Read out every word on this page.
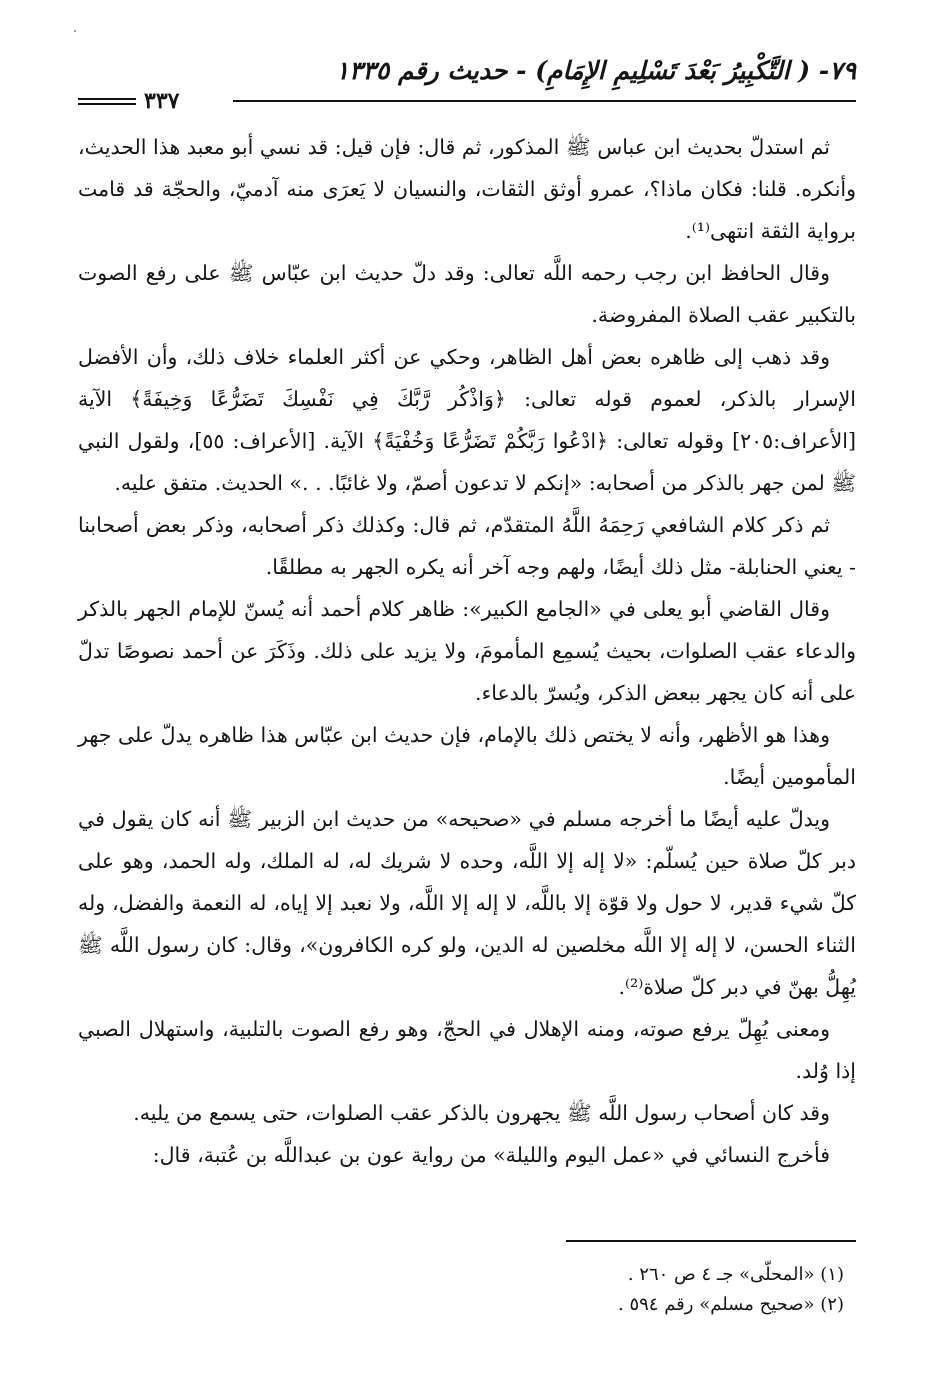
٧٩- ( التَّكْبِيرُ بَعْدَ تَسْلِيمِ الإِمَامِ) - حديث رقم ١٣٣٥
٣٣٧

ثم استدلّ بحديث ابن عباس ﷺ المذكور، ثم قال: فإن قيل: قد نسي أبو معبد هذا الحديث، وأنكره. قلنا: فكان ماذا؟، عمرو أوثق الثقات، والنسيان لا يَعرَى منه آدميّ، والحجّة قد قامت برواية الثقة انتهى⁽¹⁾.

وقال الحافظ ابن رجب رحمه اللَّه تعالى: وقد دلّ حديث ابن عبّاس ﷺ على رفع الصوت بالتكبير عقب الصلاة المفروضة.

وقد ذهب إلى ظاهره بعض أهل الظاهر، وحكي عن أكثر العلماء خلاف ذلك، وأن الأفضل الإسرار بالذكر، لعموم قوله تعالى: ﴿وَاذْكُر رَّبَّكَ فِي نَفْسِكَ تَضَرُّعًا وَخِيفَةً﴾ الآية [الأعراف:٢٠٥] وقوله تعالى: ﴿ادْعُوا رَبَّكُمْ تَضَرُّعًا وَخُفْيَةً﴾ الآية. [الأعراف: ٥٥]، ولقول النبي ﷺ لمن جهر بالذكر من أصحابه: «إنكم لا تدعون أصمّ، ولا غائبًا. . .» الحديث. متفق عليه.

ثم ذكر كلام الشافعي رَحِمَهُ اللَّهُ المتقدّم، ثم قال: وكذلك ذكر أصحابه، وذكر بعض أصحابنا - يعني الحنابلة- مثل ذلك أيضًا، ولهم وجه آخر أنه يكره الجهر به مطلقًا.

وقال القاضي أبو يعلى في «الجامع الكبير»: ظاهر كلام أحمد أنه يُسنّ للإمام الجهر بالذكر والدعاء عقب الصلوات، بحيث يُسمِع المأمومَ، ولا يزيد على ذلك. وذَكَرَ عن أحمد نصوصًا تدلّ على أنه كان يجهر ببعض الذكر، ويُسرّ بالدعاء.

وهذا هو الأظهر، وأنه لا يختص ذلك بالإمام، فإن حديث ابن عبّاس هذا ظاهره يدلّ على جهر المأمومين أيضًا.

ويدلّ عليه أيضًا ما أخرجه مسلم في «صحيحه» من حديث ابن الزبير ﷺ أنه كان يقول في دبر كلّ صلاة حين يُسلّم: «لا إله إلا اللَّه، وحده لا شريك له، له الملك، وله الحمد، وهو على كلّ شيء قدير، لا حول ولا قوّة إلا باللَّه، لا إله إلا اللَّه، ولا نعبد إلا إياه، له النعمة والفضل، وله الثناء الحسن، لا إله إلا اللَّه مخلصين له الدين، ولو كره الكافرون»، وقال: كان رسول اللَّه ﷺ يُهِلُّ بهنّ في دبر كلّ صلاة⁽²⁾.

ومعنى يُهِلّ يرفع صوته، ومنه الإهلال في الحجّ، وهو رفع الصوت بالتلبية، واستهلال الصبي إذا وُلد.

وقد كان أصحاب رسول اللَّه ﷺ يجهرون بالذكر عقب الصلوات، حتى يسمع من يليه.

فأخرج النسائي في «عمل اليوم والليلة» من رواية عون بن عبداللَّه بن عُتبة، قال:

(١) «المحلّى» جـ ٤ ص ٢٦٠ .
(٢) «صحيح مسلم» رقم ٥٩٤ .
